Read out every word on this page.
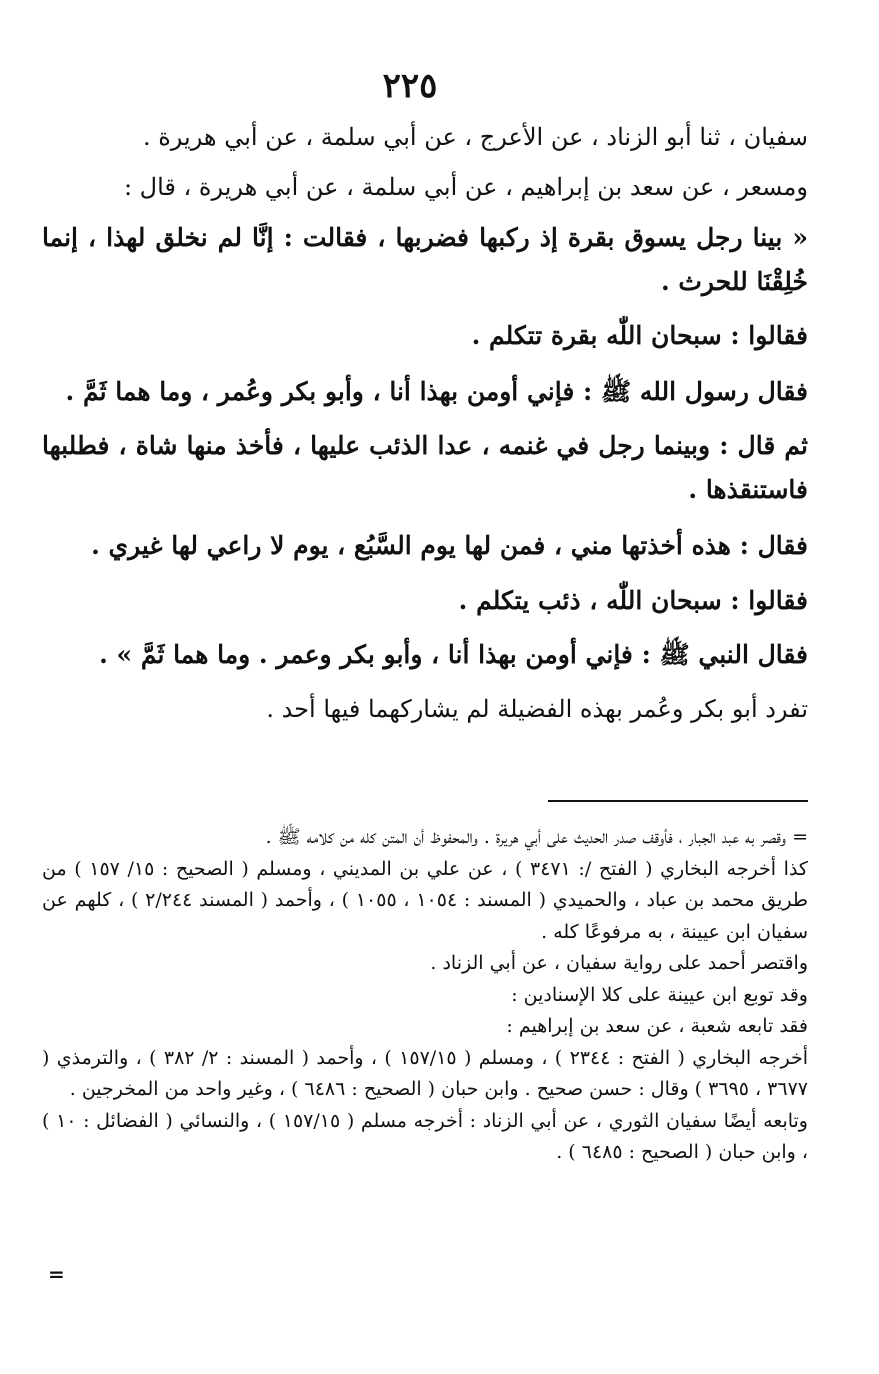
٢٢٥

سفيان ، ثنا أبو الزناد ، عن الأعرج ، عن أبي سلمة ، عن أبي هريرة .

ومسعر ، عن سعد بن إبراهيم ، عن أبي سلمة ، عن أبي هريرة ، قال :

« بينا رجل يسوق بقرة إذ ركبها فضربها ، فقالت : إنَّا لم نخلق لهذا ، إنما خُلِقْنَا للحرث .

فقالوا : سبحان اللّٰه بقرة تتكلم .

فقال رسول الله ﷺ : فإني أومن بهذا أنا ، وأبو بكر وعُمر ، وما هما ثَمَّ .

ثم قال : وبينما رجل في غنمه ، عدا الذئب عليها ، فأخذ منها شاة ، فطلبها فاستنقذها .

فقال : هذه أخذتها مني ، فمن لها يوم السَّبُع ، يوم لا راعي لها غيري .

فقالوا : سبحان اللّٰه ، ذئب يتكلم .

فقال النبي ﷺ : فإني أومن بهذا أنا ، وأبو بكر وعمر . وما هما ثَمَّ » .

تفرد أبو بكر وعُمر بهذه الفضيلة لم يشاركهما فيها أحد .

= وقصر به عبد الجبار ، فأوقف صدر الحديث على أبي هريرة . والمحفوظ أن المتن كله من كلامه ﷺ .

كذا أخرجه البخاري ( الفتح /: ٣٤٧١ ) ، عن علي بن المديني ، ومسلم ( الصحيح : ١٥/ ١٥٧ ) من طريق محمد بن عباد ، والحميدي ( المسند : ١٠٥٤ ، ١٠٥٥ ) ، وأحمد ( المسند ٢/٢٤٤ ) ، كلهم عن سفيان ابن عيينة ، به مرفوعًا كله .

واقتصر أحمد على رواية سفيان ، عن أبي الزناد .

وقد توبع ابن عيينة على كلا الإسنادين :

فقد تابعه شعبة ، عن سعد بن إبراهيم :

أخرجه البخاري ( الفتح : ٢٣٤٤ ) ، ومسلم ( ١٥٧/١٥ ) ، وأحمد ( المسند : ٢/ ٣٨٢ ) ، والترمذي ( ٣٦٧٧ ، ٣٦٩٥ ) وقال : حسن صحيح . وابن حبان ( الصحيح : ٦٤٨٦ ) ، وغير واحد من المخرجين .

وتابعه أيضًا سفيان الثوري ، عن أبي الزناد : أخرجه مسلم ( ١٥٧/١٥ ) ، والنسائي ( الفضائل : ١٠ ) ، وابن حبان ( الصحيح : ٦٤٨٥ ) .

=
